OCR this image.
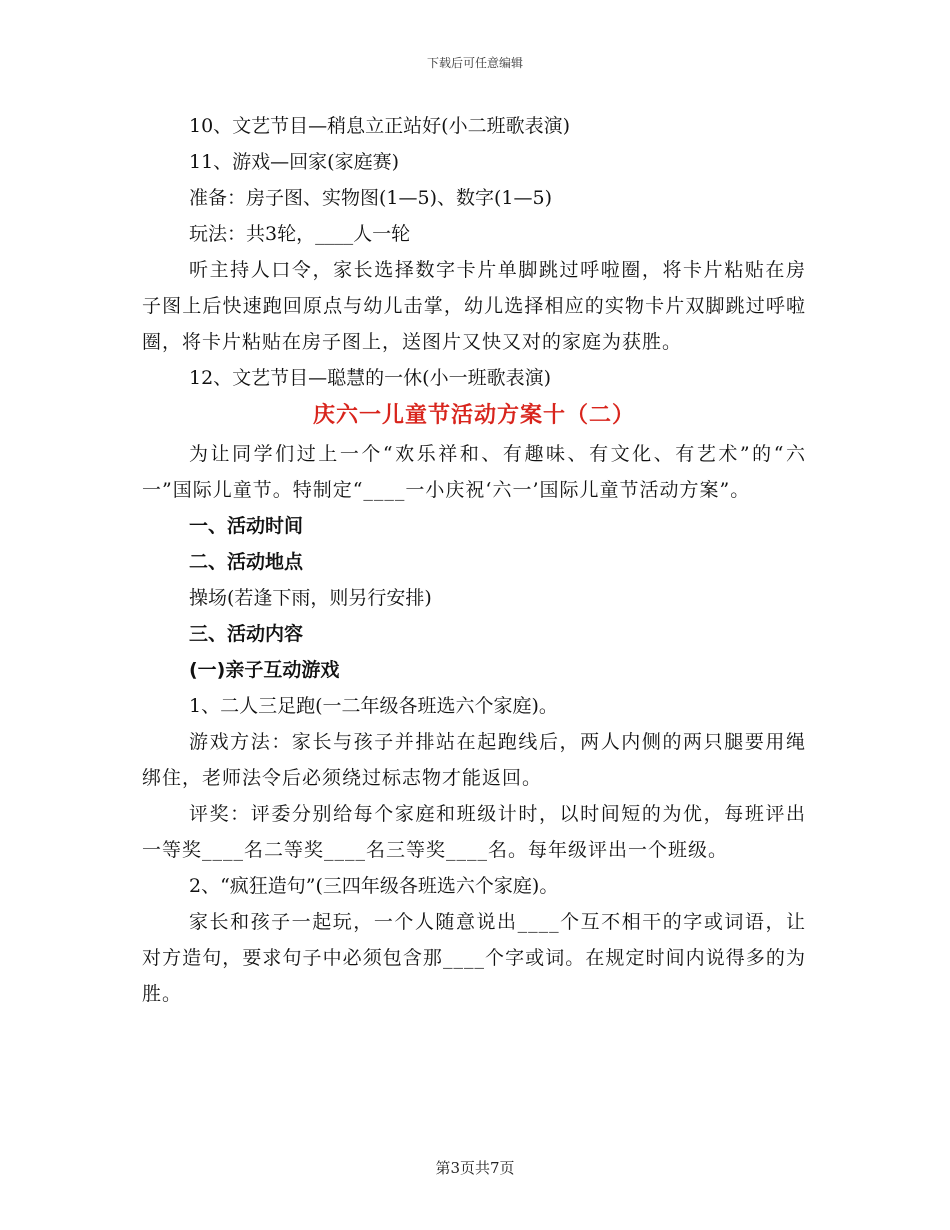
下载后可任意编辑

10、文艺节目—稍息立正站好(小二班歌表演)

11、游戏—回家(家庭赛)

准备：房子图、实物图(1—5)、数字(1—5)

玩法：共3轮，____人一轮

听主持人口令，家长选择数字卡片单脚跳过呼啦圈，将卡片粘贴在房子图上后快速跑回原点与幼儿击掌，幼儿选择相应的实物卡片双脚跳过呼啦圈，将卡片粘贴在房子图上，送图片又快又对的家庭为获胜。

12、文艺节目—聪慧的一休(小一班歌表演)

庆六一儿童节活动方案十（二）

为让同学们过上一个“欢乐祥和、有趣味、有文化、有艺术”的“六一”国际儿童节。特制定“____一小庆祝‘六一’国际儿童节活动方案”。

一、活动时间

二、活动地点

操场(若逢下雨，则另行安排)

三、活动内容

(一)亲子互动游戏

1、二人三足跑(一二年级各班选六个家庭)。

游戏方法：家长与孩子并排站在起跑线后，两人内侧的两只腿要用绳绑住，老师法令后必须绕过标志物才能返回。

评奖：评委分别给每个家庭和班级计时，以时间短的为优，每班评出一等奖____名二等奖____名三等奖____名。每年级评出一个班级。

2、“疯狂造句”(三四年级各班选六个家庭)。

家长和孩子一起玩，一个人随意说出____个互不相干的字或词语，让对方造句，要求句子中必须包含那____个字或词。在规定时间内说得多的为胜。

第3页共7页
